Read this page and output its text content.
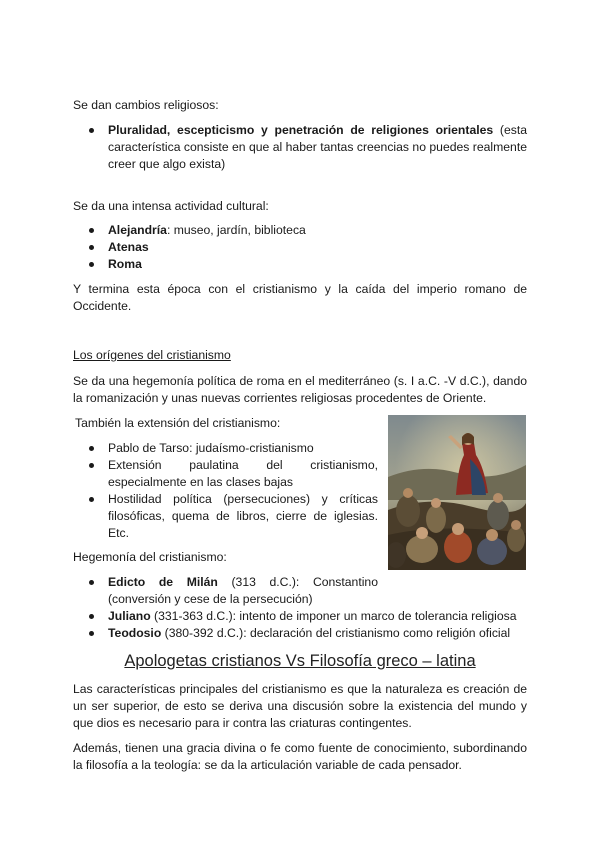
Se dan cambios religiosos:

Pluralidad, escepticismo y penetración de religiones orientales (esta característica consiste en que al haber tantas creencias no puedes realmente creer que algo exista)

Se da una intensa actividad cultural:

Alejandría: museo, jardín, biblioteca
Atenas
Roma

Y termina esta época con el cristianismo y la caída del imperio romano de Occidente.

Los orígenes del cristianismo

Se da una hegemonía política de roma en el mediterráneo (s. I a.C. -V d.C.), dando la romanización y unas nuevas corrientes religiosas procedentes de Oriente.

También la extensión del cristianismo:

Pablo de Tarso: judaísmo-cristianismo
Extensión paulatina del cristianismo, especialmente en las clases bajas
Hostilidad política (persecuciones) y críticas filosóficas, quema de libros, cierre de iglesias. Etc.

Hegemonía del cristianismo:

Edicto de Milán (313 d.C.): Constantino (conversión y cese de la persecución)
Juliano (331-363 d.C.): intento de imponer un marco de tolerancia religiosa
Teodosio (380-392 d.C.): declaración del cristianismo como religión oficial
Apologetas cristianos Vs Filosofía greco – latina

Las características principales del cristianismo es que la naturaleza es creación de un ser superior, de esto se deriva una discusión sobre la existencia del mundo y que dios es necesario para ir contra las criaturas contingentes.

Además, tienen una gracia divina o fe como fuente de conocimiento, subordinando la filosofía a la teología: se da la articulación variable de cada pensador.
